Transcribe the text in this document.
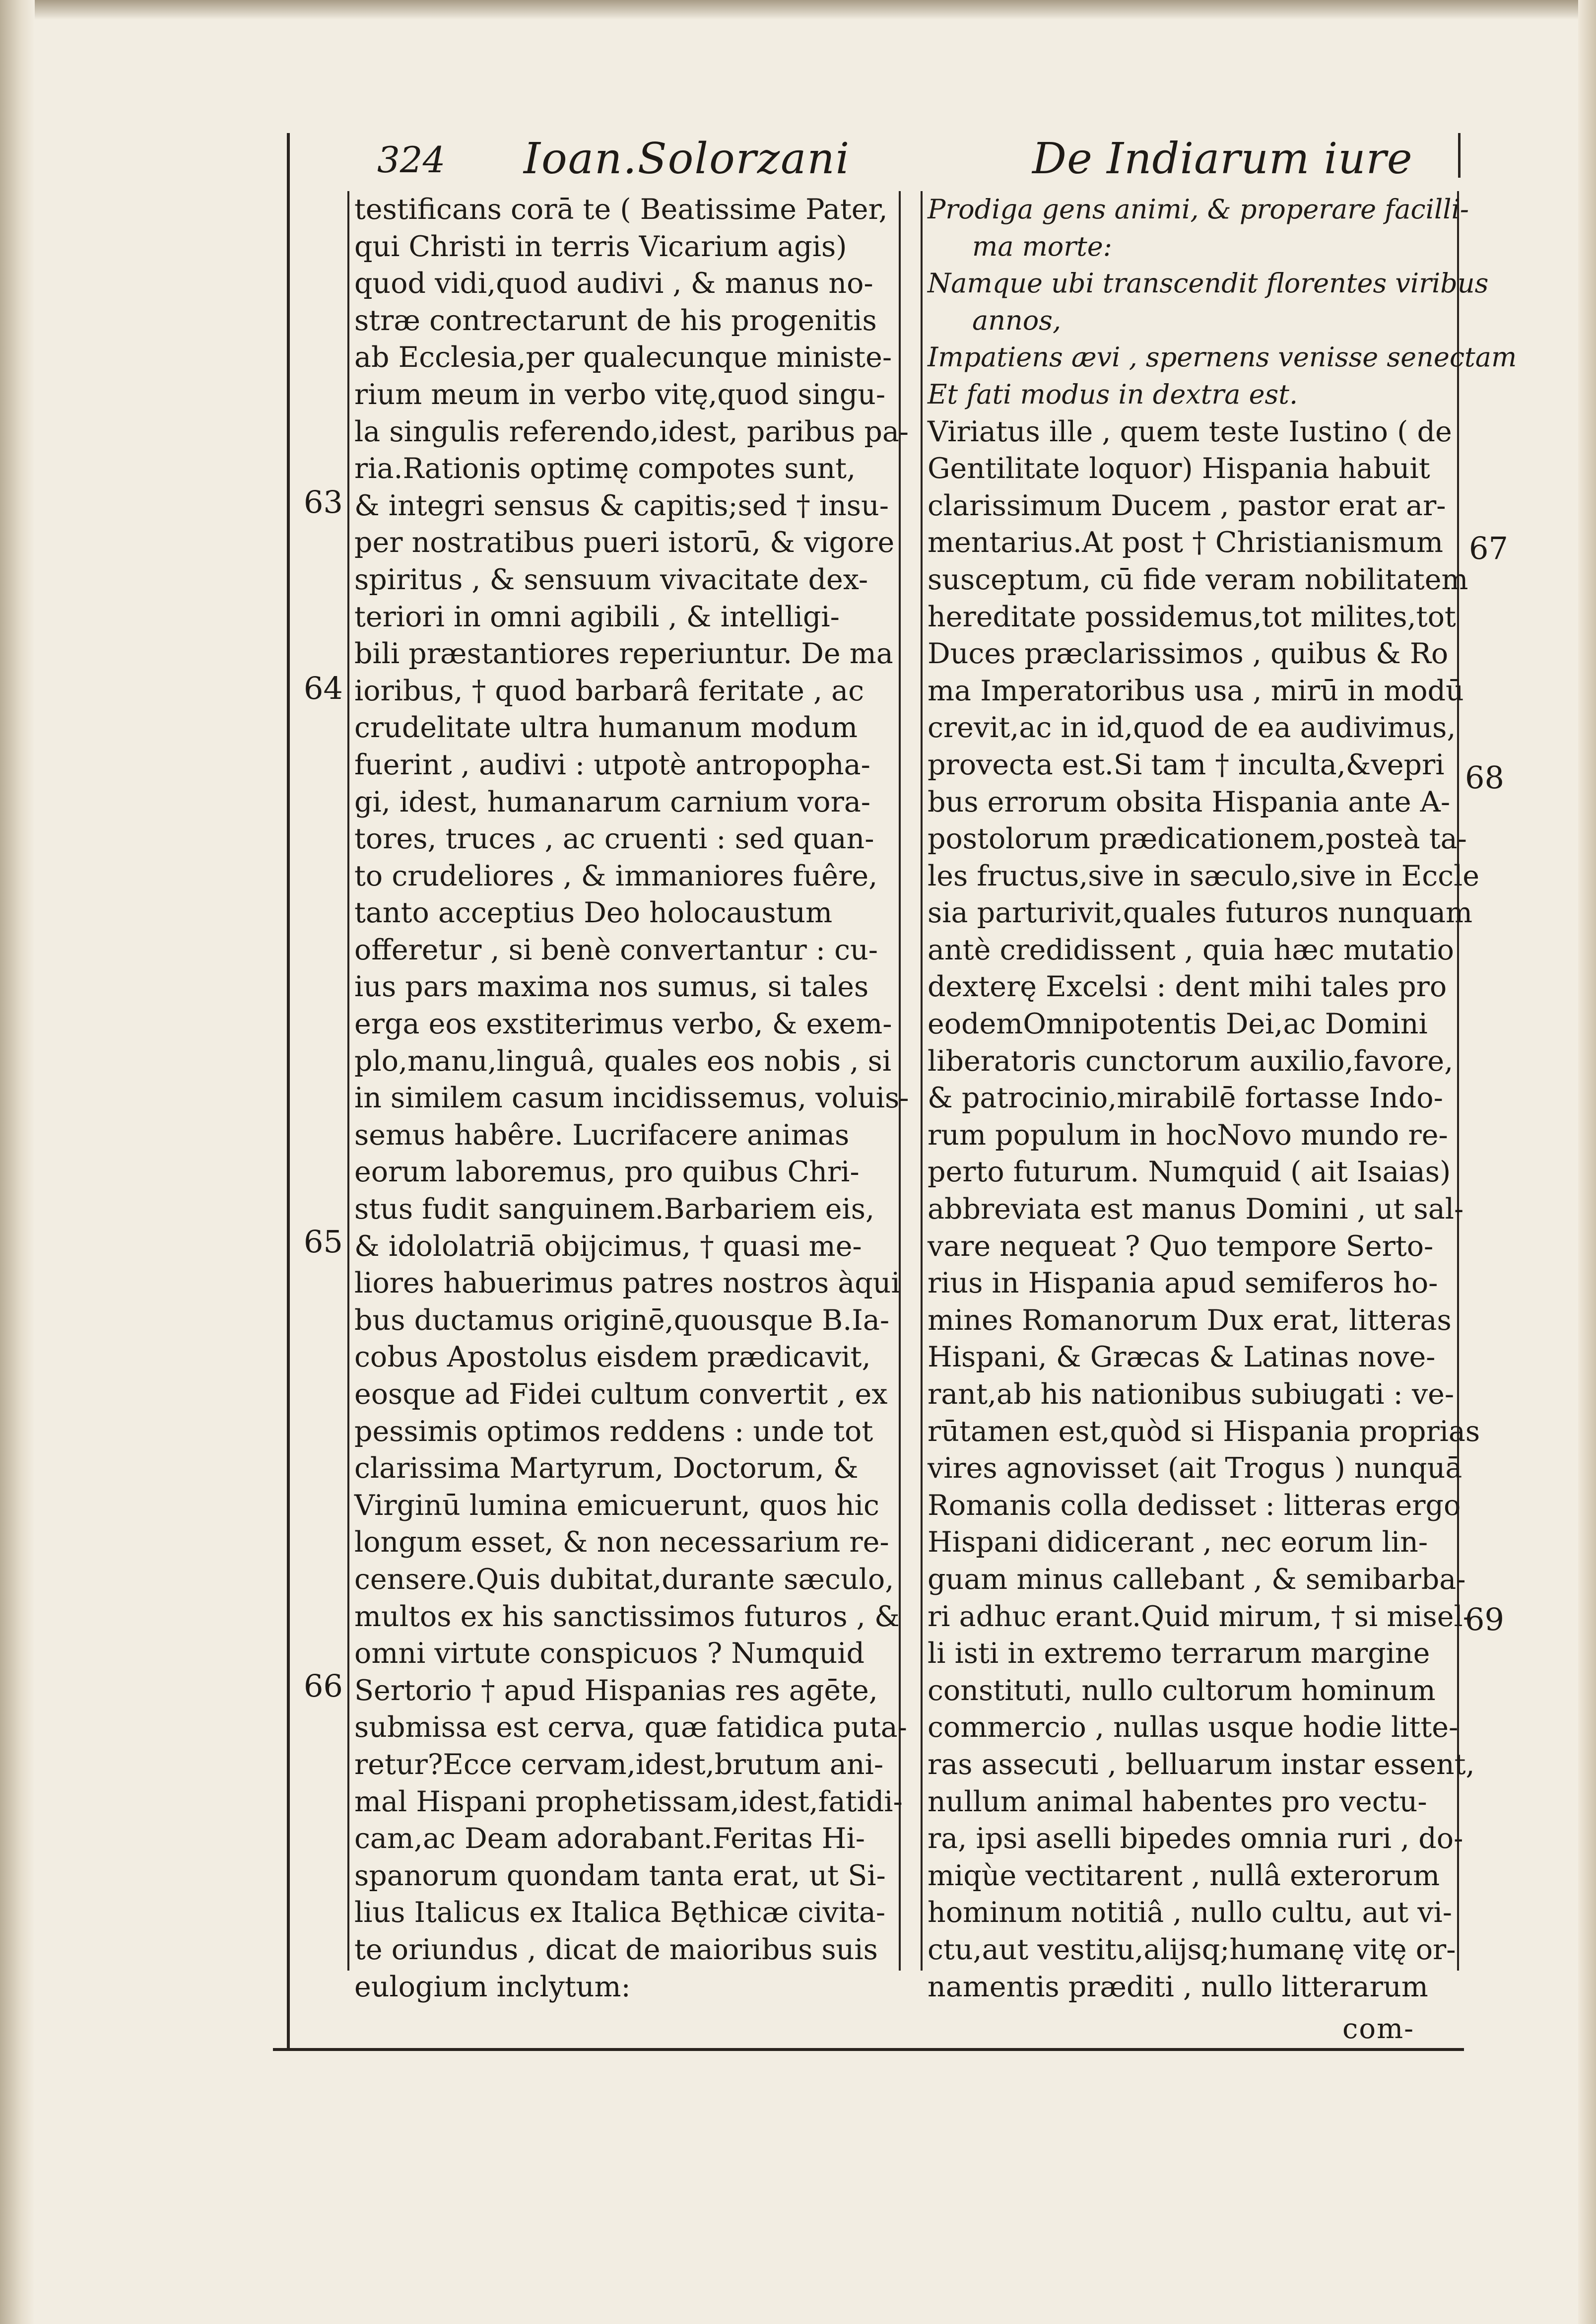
324 Ioan.Solorzani	De Indiarum iure
testificans corā te ( Beatissime Pater,
qui Christi in terris Vicarium agis)
quod vidi,quod audivi , & manus no-
stræ contrectarunt de his progenitis
ab Ecclesia,per qualecunque ministe-
rium meum in verbo vitę,quod singu-
la singulis referendo,idest, paribus pa-
ria.Rationis optimę compotes sunt,
& integri sensus & capitis;sed † insu-
per nostratibus pueri istorū, & vigore
spiritus , & sensuum vivacitate dex-
teriori in omni agibili , & intelligi-
bili præstantiores reperiuntur. De ma
ioribus, † quod barbarâ feritate , ac
crudelitate ultra humanum modum
fuerint , audivi : utpotè antropopha-
gi, idest, humanarum carnium vora-
tores, truces , ac cruenti : sed quan-
to crudeliores , & immaniores fuêre,
tanto acceptius Deo holocaustum
offeretur , si benè convertantur : cu-
ius pars maxima nos sumus, si tales
erga eos exstiterimus verbo, & exem-
plo,manu,linguâ, quales eos nobis , si
in similem casum incidissemus, voluis-
semus habêre. Lucrifacere animas
eorum laboremus, pro quibus Chri-
stus fudit sanguinem.Barbariem eis,
& idololatriā obijcimus, † quasi me-
liores habuerimus patres nostros àqui
bus ductamus originē,quousque B.Ia-
cobus Apostolus eisdem prædicavit,
eosque ad Fidei cultum convertit , ex
pessimis optimos reddens : unde tot
clarissima Martyrum, Doctorum, &
Virginū lumina emicuerunt, quos hic
longum esset, & non necessarium re-
censere.Quis dubitat,durante sæculo,
multos ex his sanctissimos futuros , &
omni virtute conspicuos ? Numquid
Sertorio † apud Hispanias res agēte,
submissa est cerva, quæ fatidica puta-
retur?Ecce cervam,idest,brutum ani-
mal Hispani prophetissam,idest,fatidi-
cam,ac Deam adorabant.Feritas Hi-
spanorum quondam tanta erat, ut Si-
lius Italicus ex Italica Bęthicæ civita-
te oriundus , dicat de maioribus suis
eulogium inclytum:
Prodiga gens animi, & properare facilli-
ma morte:
Namque ubi transcendit florentes viribus
annos,
Impatiens ævi , spernens venisse senectam
Et fati modus in dextra est.
Viriatus ille , quem teste Iustino ( de
Gentilitate loquor) Hispania habuit
clarissimum Ducem , pastor erat ar-
mentarius.At post † Christianismum
susceptum, cū fide veram nobilitatem
hereditate possidemus,tot milites,tot
Duces præclarissimos , quibus & Ro
ma Imperatoribus usa , mirū in modū
crevit,ac in id,quod de ea audivimus,
provecta est.Si tam † inculta,&vepri
bus errorum obsita Hispania ante A-
postolorum prædicationem,posteà ta-
les fructus,sive in sæculo,sive in Eccle
sia parturivit,quales futuros nunquam
antè credidissent , quia hæc mutatio
dexterę Excelsi : dent mihi tales pro
eodemOmnipotentis Dei,ac Domini
liberatoris cunctorum auxilio,favore,
& patrocinio,mirabilē fortasse Indo-
rum populum in hocNovo mundo re-
perto futurum. Numquid ( ait Isaias)
abbreviata est manus Domini , ut sal-
vare nequeat ? Quo tempore Serto-
rius in Hispania apud semiferos ho-
mines Romanorum Dux erat, litteras
Hispani, & Græcas & Latinas nove-
rant,ab his nationibus subiugati : ve-
rūtamen est,quòd si Hispania proprias
vires agnovisset (ait Trogus ) nunquā
Romanis colla dedisset : litteras ergo
Hispani didicerant , nec eorum lin-
guam minus callebant , & semibarba-
ri adhuc erant.Quid mirum, † si misel-
li isti in extremo terrarum margine
constituti, nullo cultorum hominum
commercio , nullas usque hodie litte-
ras assecuti , belluarum instar essent,
nullum animal habentes pro vectu-
ra, ipsi aselli bipedes omnia ruri , do-
miqùe vectitarent , nullâ exterorum
hominum notitiâ , nullo cultu, aut vi-
ctu,aut vestitu,alijsq;humanę vitę or-
namentis præditi , nullo litterarum
63
64
65
66
67
68
69
com-
